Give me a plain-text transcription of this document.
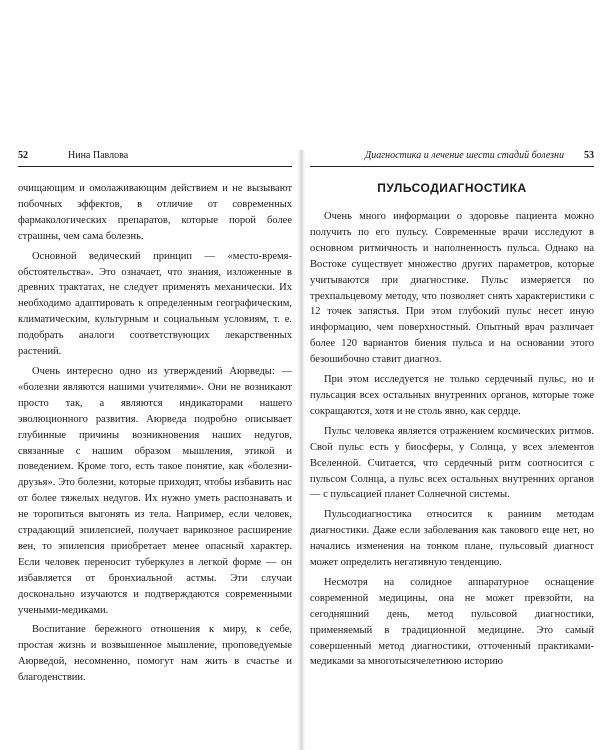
52	Нина Павлова

очищающим и омолаживающим действием и не вызывают побочных эффектов, в отличие от современных фармакологических препаратов, которые порой более страшны, чем сама болезнь.

Основной ведический принцип — «место-время-обстоятельства». Это означает, что знания, изложенные в древних трактатах, не следует применять механически. Их необходимо адаптировать к определенным географическим, климатическим, культурным и социальным условиям, т. е. подобрать аналоги соответствующих лекарственных растений.

Очень интересно одно из утверждений Аюрведы: — «болезни являются нашими учителями». Они не возникают просто так, а являются индикаторами нашего эволюционного развития. Аюрведа подробно описывает глубинные причины возникновения наших недугов, связанные с нашим образом мышления, этикой и поведением. Кроме того, есть такое понятие, как «болезни-друзья». Это болезни, которые приходят, чтобы избавить нас от более тяжелых недугов. Их нужно уметь распознавать и не торопиться выгонять из тела. Например, если человек, страдающий эпилепсией, получает варикозное расширение вен, то эпилепсия приобретает менее опасный характер. Если человек переносит туберкулез в легкой форме — он избавляется от бронхиальной астмы. Эти случаи досконально изучаются и подтверждаются современными учеными-медиками.

Воспитание бережного отношения к миру, к себе, простая жизнь и возвышенное мышление, проповедуемые Аюрведой, несомненно, помогут нам жить в счастье и благоденствии.

Диагностика и лечение шести стадий болезни	53
ПУЛЬСОДИАГНОСТИКА

Очень много информации о здоровье пациента можно получить по его пульсу. Современные врачи исследуют в основном ритмичность и наполненность пульса. Однако на Востоке существует множество других параметров, которые учитываются при диагностике. Пульс измеряется по трехпальцевому методу, что позволяет снять характеристики с 12 точек запястья. При этом глубокий пульс несет иную информацию, чем поверхностный. Опытный врач различает более 120 вариантов биения пульса и на основании этого безошибочно ставит диагноз.

При этом исследуется не только сердечный пульс, но и пульсация всех остальных внутренних органов, которые тоже сокращаются, хотя и не столь явно, как сердце.

Пульс человека является отражением космических ритмов. Свой пульс есть у биосферы, у Солнца, у всех элементов Вселенной. Считается, что сердечный ритм соотносится с пульсом Солнца, а пульс всех остальных внутренних органов — с пульсацией планет Солнечной системы.

Пульсодиагностика относится к ранним методам диагностики. Даже если заболевания как такового еще нет, но начались изменения на тонком плане, пульсовый диагност может определить негативную тенденцию.

Несмотря на солидное аппаратурное оснащение современной медицины, она не может превзойти, на сегодняшний день, метод пульсовой диагностики, применяемый в традиционной медицине. Это самый совершенный метод диагностики, отточенный практиками-медиками за многотысячелетнюю историю
